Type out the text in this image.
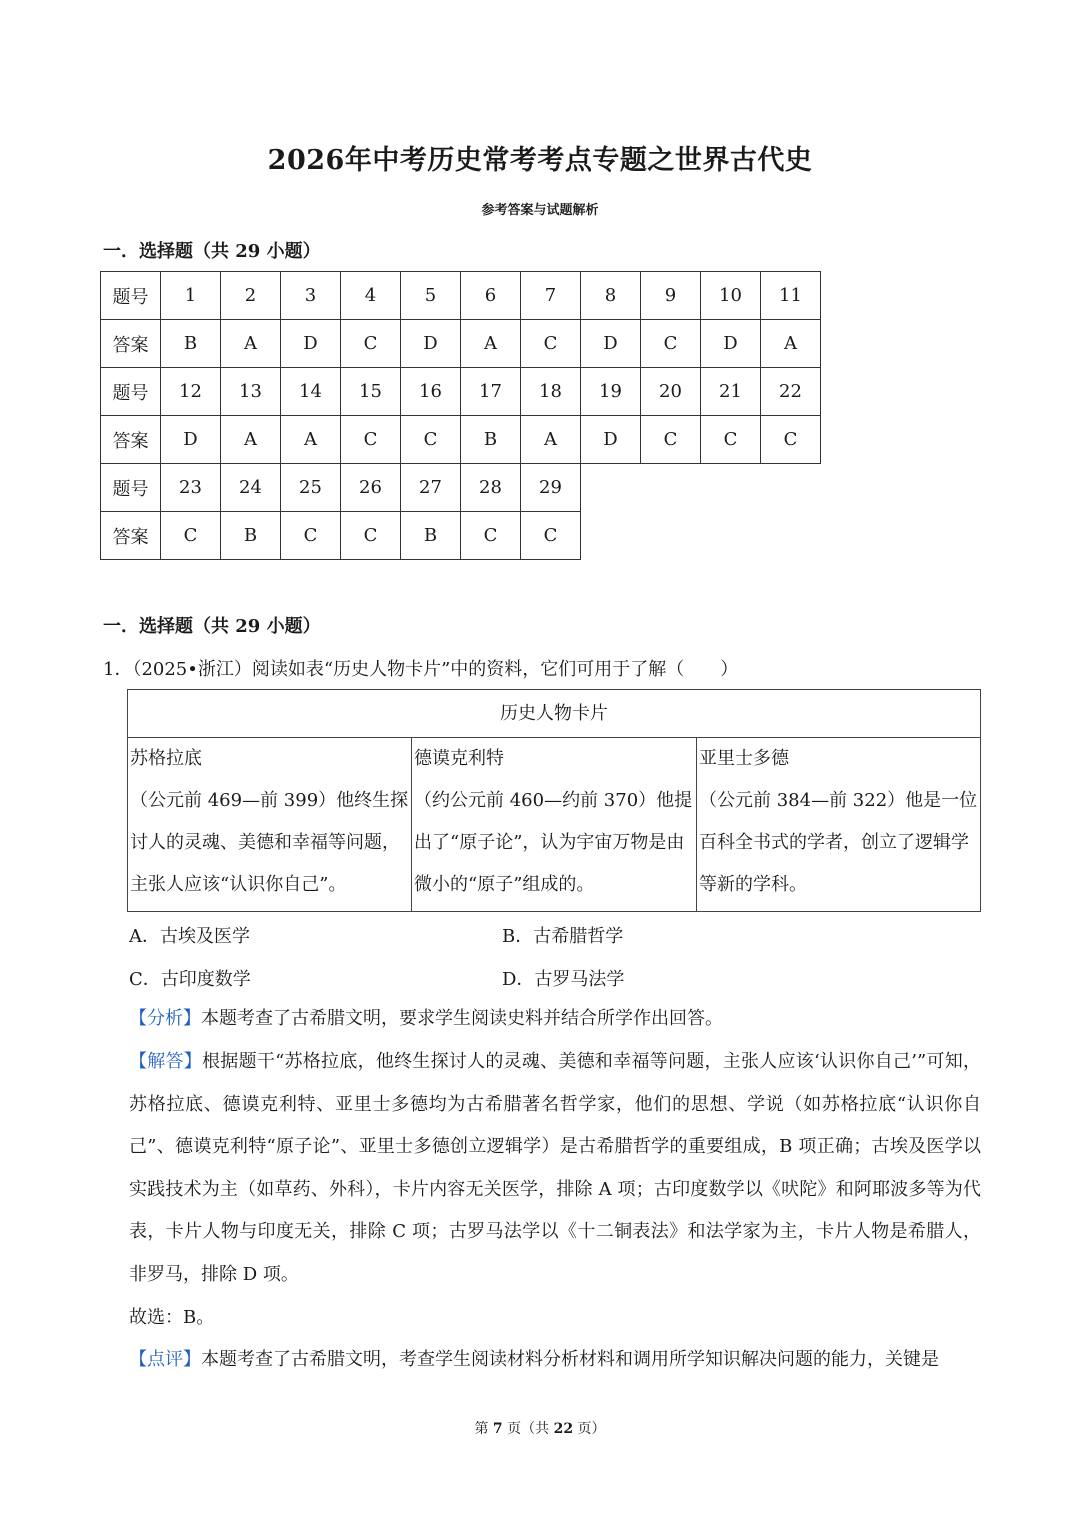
2026年中考历史常考考点专题之世界古代史
参考答案与试题解析
一．选择题（共 29 小题）
题号	1	2	3	4	5	6	7	8	9	10	11
答案	B	A	D	C	D	A	C	D	C	D	A
题号	12	13	14	15	16	17	18	19	20	21	22
答案	D	A	A	C	C	B	A	D	C	C	C
题号	23	24	25	26	27	28	29				
答案	C	B	C	C	B	C	C				
一．选择题（共 29 小题）
1．（2025•浙江）阅读如表“历史人物卡片”中的资料，它们可用于了解（　　）
历史人物卡片

苏格拉底
（公元前 469—前 399）他终生探讨人的灵魂、美德和幸福等问题，主张人应该“认识你自己”。

德谟克利特
（约公元前 460—约前 370）他提出了“原子论”，认为宇宙万物是由微小的“原子”组成的。

亚里士多德
（公元前 384—前 322）他是一位百科全书式的学者，创立了逻辑学等新的学科。
A．古埃及医学	B．古希腊哲学
C．古印度数学	D．古罗马法学
【分析】本题考查了古希腊文明，要求学生阅读史料并结合所学作出回答。
【解答】根据题干“苏格拉底，他终生探讨人的灵魂、美德和幸福等问题，主张人应该‘认识你自己’”可知，苏格拉底、德谟克利特、亚里士多德均为古希腊著名哲学家，他们的思想、学说（如苏格拉底“认识你自己”、德谟克利特“原子论”、亚里士多德创立逻辑学）是古希腊哲学的重要组成，B 项正确；古埃及医学以实践技术为主（如草药、外科），卡片内容无关医学，排除 A 项；古印度数学以《吠陀》和阿耶波多等为代表，卡片人物与印度无关，排除 C 项；古罗马法学以《十二铜表法》和法学家为主，卡片人物是希腊人，非罗马，排除 D 项。
故选：B。
【点评】本题考查了古希腊文明，考查学生阅读材料分析材料和调用所学知识解决问题的能力，关键是
第 7 页（共 22 页）
